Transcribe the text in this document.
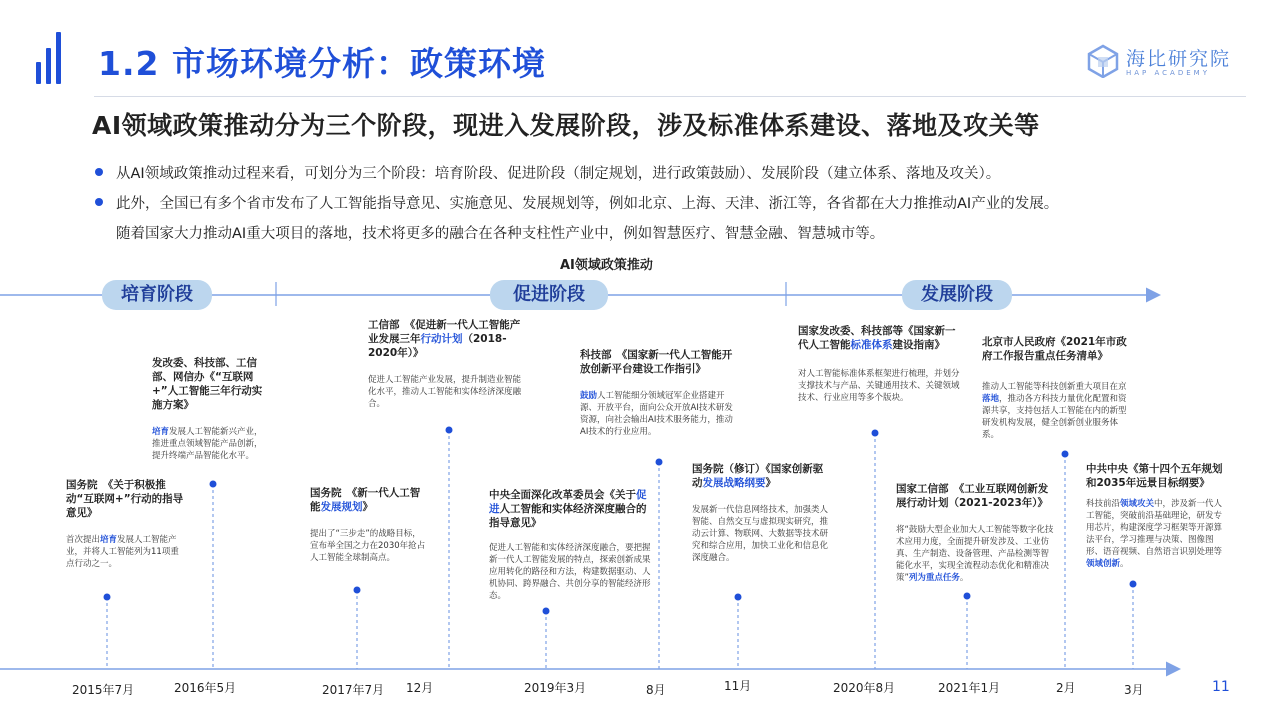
1.2 市场环境分析：政策环境	海比研究院
HAP ACADEMY
AI领域政策推动分为三个阶段，现进入发展阶段，涉及标准体系建设、落地及攻关等
从AI领域政策推动过程来看，可划分为三个阶段：培育阶段、促进阶段（制定规划，进行政策鼓励）、发展阶段（建立体系、落地及攻关）。
此外，全国已有多个省市发布了人工智能指导意见、实施意见、发展规划等，例如北京、上海、天津、浙江等，各省都在大力推推动AI产业的发展。
随着国家大力推动AI重大项目的落地，技术将更多的融合在各种支柱性产业中，例如智慧医疗、智慧金融、智慧城市等。
AI领域政策推动
培育阶段	促进阶段	发展阶段
国务院　《关于积极推动“互联网+”行动的指导意见》
首次提出培育发展人工智能产业，并将人工智能列为11项重点行动之一。
发改委、科技部、工信部、网信办《“互联网+”人工智能三年行动实施方案》
培育发展人工智能新兴产业，推进重点领域智能产品创新，提升终端产品智能化水平。
国务院　《新一代人工智能发展规划》
提出了“三步走”的战略目标，宣布举全国之力在2030年抢占人工智能全球制高点。
工信部　《促进新一代人工智能产业发展三年行动计划（2018-2020年）》
促进人工智能产业发展，提升制造业智能化水平，推动人工智能和实体经济深度融合。
中央全面深化改革委员会《关于促进人工智能和实体经济深度融合的指导意见》
促进人工智能和实体经济深度融合，要把握新一代人工智能发展的特点，探索创新成果应用转化的路径和方法，构建数据驱动、人机协同、跨界融合、共创分享的智能经济形态。
科技部　《国家新一代人工智能开放创新平台建设工作指引》
鼓励人工智能细分领域冠军企业搭建开源、开放平台，面向公众开放AI技术研发资源，向社会输出AI技术服务能力，推动AI技术的行业应用。
国务院（修订）《国家创新驱动发展战略纲要》
发展新一代信息网络技术，加强类人智能、自然交互与虚拟现实研究，推动云计算、物联网、大数据等技术研究和综合应用，加快工业化和信息化深度融合。
国家发改委、科技部等《国家新一代人工智能标准体系建设指南》
对人工智能标准体系框架进行梳理，并划分支撑技术与产品、关键通用技术、关键领域技术、行业应用等多个版块。
国家工信部　《工业互联网创新发展行动计划（2021-2023年）》
将“鼓励大型企业加大人工智能等数字化技术应用力度，全面提升研发涉及、工业仿真、生产制造、设备管理、产品检测等智能化水平，实现全流程动态优化和精准决策”列为重点任务。
北京市人民政府《2021年市政府工作报告重点任务清单》
推动人工智能等科技创新重大项目在京落地，推动各方科技力量优化配置和资源共享，支持包括人工智能在内的新型研发机构发展，健全创新创业服务体系。
中共中央《第十四个五年规划和2035年远景目标纲要》
科技前沿领域攻关中，涉及新一代人工智能，突破前沿基础理论，研发专用芯片，构建深度学习框架等开源算法平台，学习推理与决策、图像图形、语音视频、自然语言识别处理等领域创新。
2015年7月	2016年5月	2017年7月 12月	2019年3月	8月	11月	2020年8月	2021年1月	2月	3月	11
